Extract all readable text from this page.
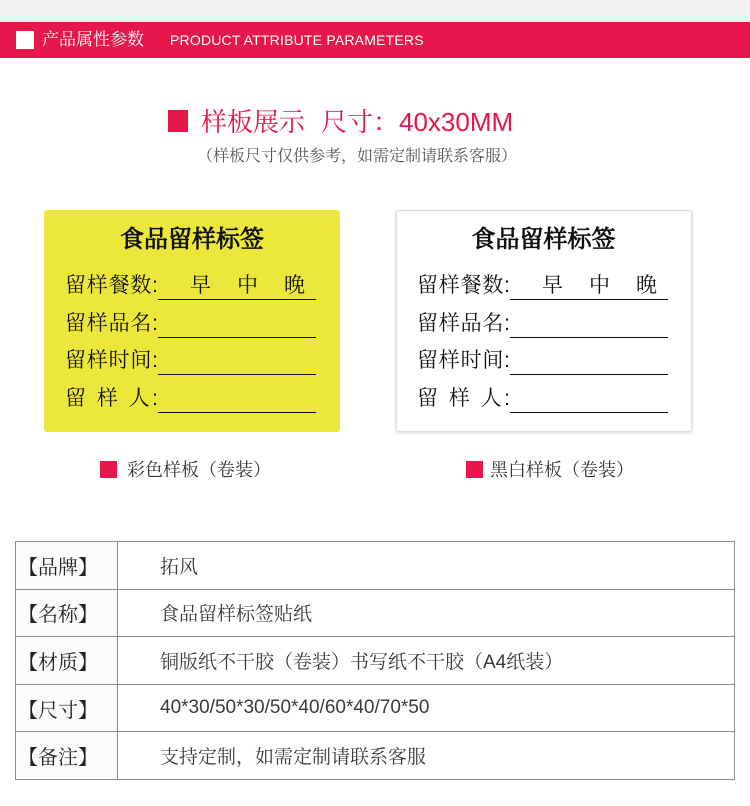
产品属性参数 PRODUCT ATTRIBUTE PARAMETERS
样板展示 尺寸：40x30MM
（样板尺寸仅供参考，如需定制请联系客服）
食品留样标签
留样餐数:	早 中 晚
留样品名:
留样时间:
留 样 人:
食品留样标签
留样餐数:	早 中 晚
留样品名:
留样时间:
留 样 人:
彩色样板（卷装）	黑白样板（卷装）
【品牌】	拓风
【名称】	食品留样标签贴纸
【材质】	铜版纸不干胶（卷装）书写纸不干胶（A4纸装）
【尺寸】	40*30/50*30/50*40/60*40/70*50
【备注】	支持定制，如需定制请联系客服
